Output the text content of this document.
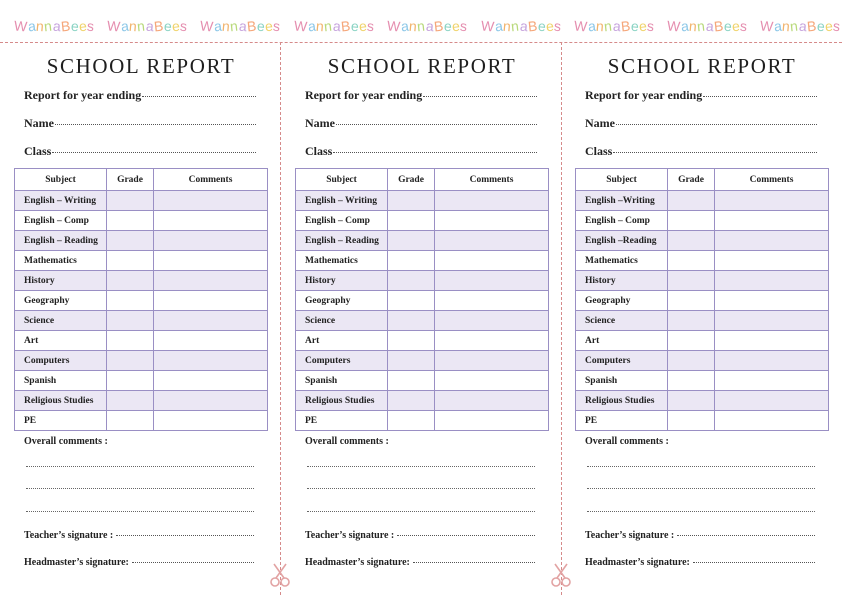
WannaBees WannaBees WannaBees WannaBees WannaBees WannaBees WannaBees WannaBees WannaBees
SCHOOL REPORT
Report for year ending
Name
Class
Subject	Grade	Comments
English – Writing		
English – Comp		
English – Reading		
Mathematics		
History		
Geography		
Science		
Art		
Computers		
Spanish		
Religious Studies		
PE		
Overall comments :
Teacher’s signature :
Headmaster’s signature:
SCHOOL REPORT
Report for year ending
Name
Class
Subject	Grade	Comments
English – Writing		
English – Comp		
English – Reading		
Mathematics		
History		
Geography		
Science		
Art		
Computers		
Spanish		
Religious Studies		
PE		
Overall comments :
Teacher’s signature :
Headmaster’s signature:
SCHOOL REPORT
Report for year ending
Name
Class
Subject	Grade	Comments
English –Writing		
English – Comp		
English –Reading		
Mathematics		
History		
Geography		
Science		
Art		
Computers		
Spanish		
Religious Studies		
PE		
Overall comments :
Teacher’s signature :
Headmaster’s signature:
